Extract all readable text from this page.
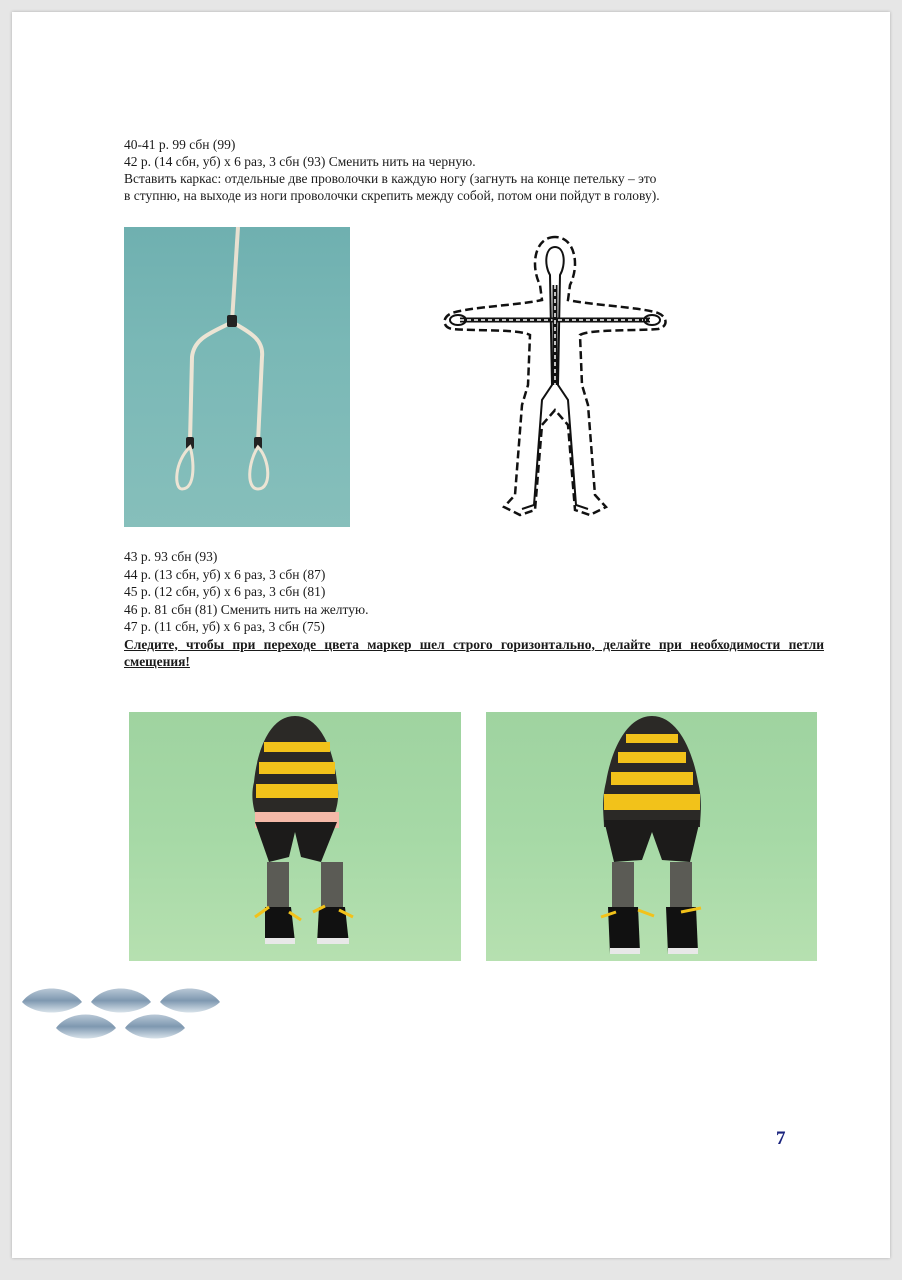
40-41 р. 99 сбн (99)

42 р. (14 сбн, уб) х 6 раз, 3 сбн (93) Сменить нить на черную.

Вставить каркас: отдельные две проволочки в каждую ногу (загнуть на конце петельку – это

в ступню, на выходе из ноги проволочки скрепить между собой, потом они пойдут в голову).

43 р. 93 сбн (93)

44 р. (13 сбн, уб) х 6 раз, 3 сбн (87)

45 р. (12 сбн, уб) х 6 раз, 3 сбн (81)

46 р. 81 сбн (81) Сменить нить на желтую.

47 р. (11 сбн, уб) х 6 раз, 3 сбн (75)

Следите, чтобы при переходе цвета маркер шел строго горизонтально, делайте при необходимости петли смещения!

7
